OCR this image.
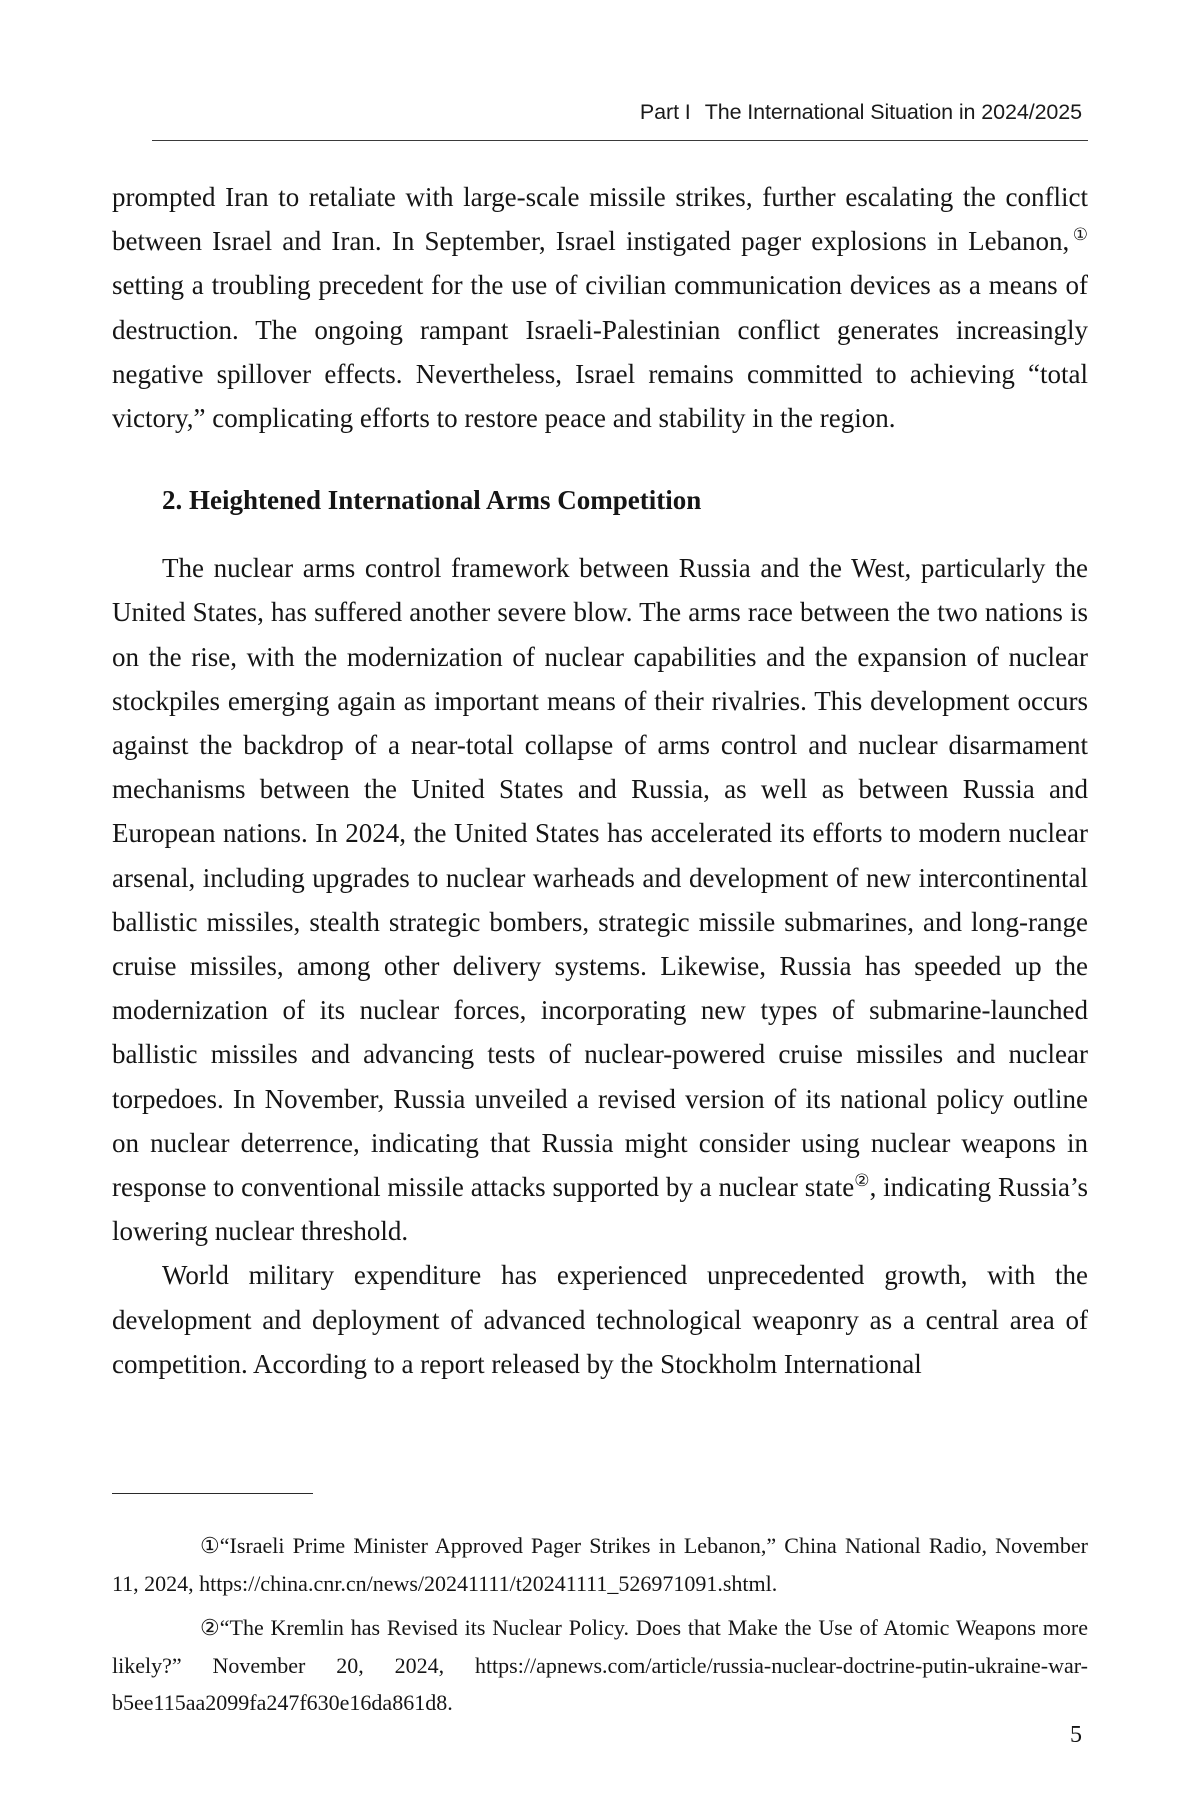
Part I The International Situation in 2024/2025

prompted Iran to retaliate with large-scale missile strikes, further escalating the conflict between Israel and Iran. In September, Israel instigated pager explosions in Lebanon,① setting a troubling precedent for the use of civilian communication devices as a means of destruction. The ongoing rampant Israeli-Palestinian conflict generates increasingly negative spillover effects. Nevertheless, Israel remains committed to achieving “total victory,” complicating efforts to restore peace and stability in the region.

2. Heightened International Arms Competition

The nuclear arms control framework between Russia and the West, particularly the United States, has suffered another severe blow. The arms race between the two nations is on the rise, with the modernization of nuclear capabilities and the expansion of nuclear stockpiles emerging again as important means of their rivalries. This development occurs against the backdrop of a near-total collapse of arms control and nuclear disarmament mechanisms between the United States and Russia, as well as between Russia and European nations. In 2024, the United States has accelerated its efforts to modern nuclear arsenal, including upgrades to nuclear warheads and development of new intercontinental ballistic missiles, stealth strategic bombers, strategic missile submarines, and long-range cruise missiles, among other delivery systems. Likewise, Russia has speeded up the modernization of its nuclear forces, incorporating new types of submarine-launched ballistic missiles and advancing tests of nuclear-powered cruise missiles and nuclear torpedoes. In November, Russia unveiled a revised version of its national policy outline on nuclear deterrence, indicating that Russia might consider using nuclear weapons in response to conventional missile attacks supported by a nuclear state②, indicating Russia’s lowering nuclear threshold.

World military expenditure has experienced unprecedented growth, with the development and deployment of advanced technological weaponry as a central area of competition. According to a report released by the Stockholm International

①“Israeli Prime Minister Approved Pager Strikes in Lebanon,” China National Radio, November 11, 2024, https://china.cnr.cn/news/20241111/t20241111_526971091.shtml.

②“The Kremlin has Revised its Nuclear Policy. Does that Make the Use of Atomic Weapons more likely?” November 20, 2024, https://apnews.com/article/russia-nuclear-doctrine-putin-ukraine-war-b5ee115aa2099fa247f630e16da861d8.

5
